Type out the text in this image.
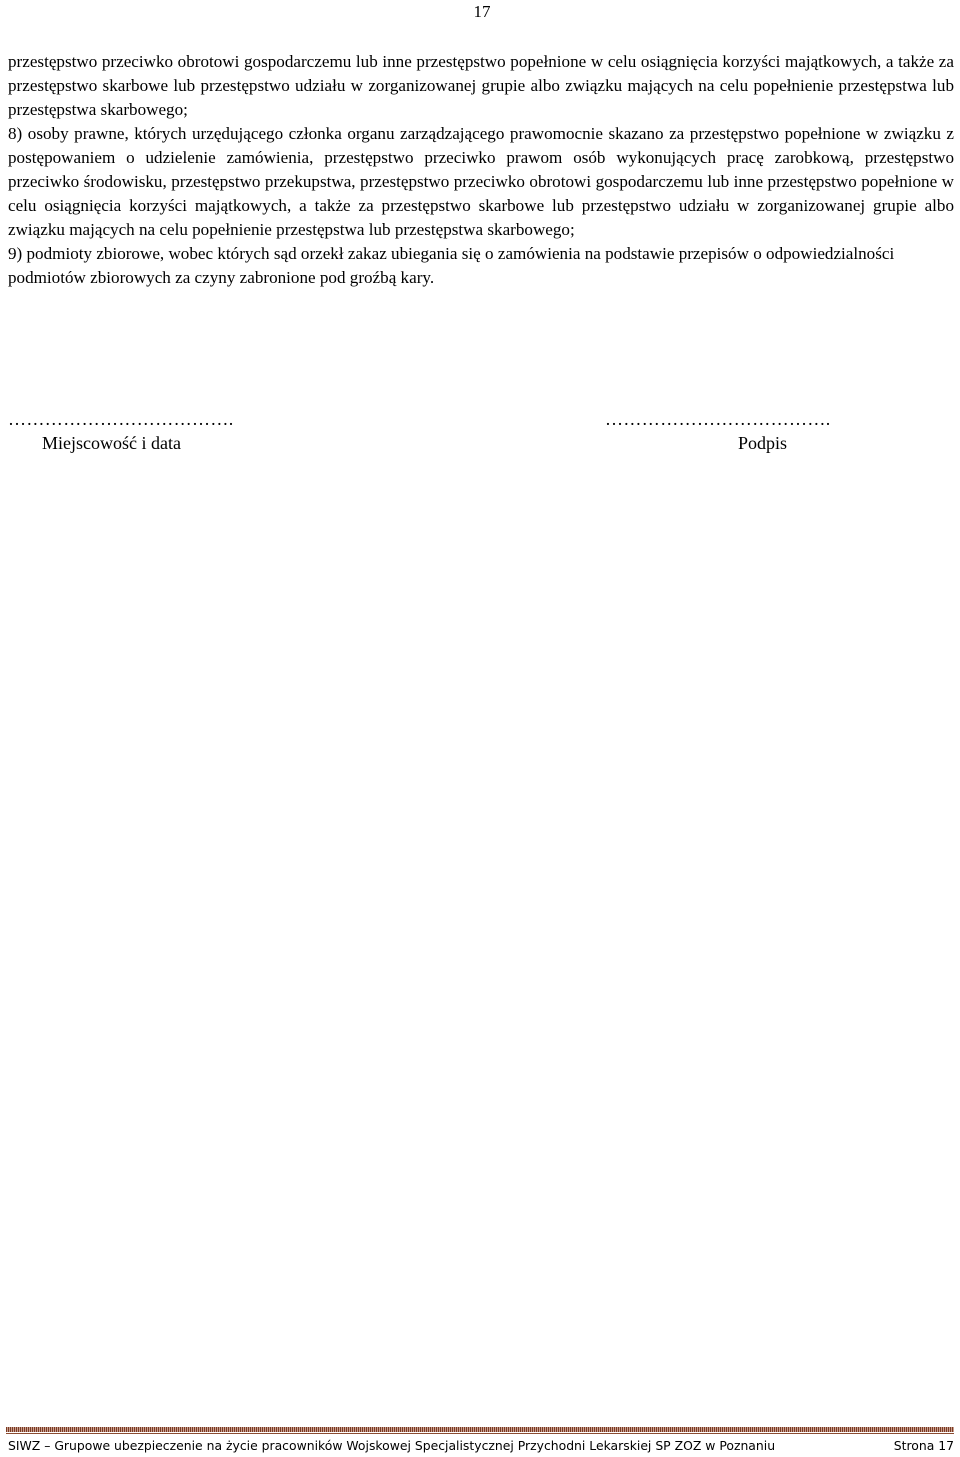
17

przestępstwo przeciwko obrotowi gospodarczemu lub inne przestępstwo popełnione w celu osiągnięcia korzyści majątkowych, a także za przestępstwo skarbowe lub przestępstwo udziału w zorganizowanej grupie albo związku mających na celu popełnienie przestępstwa lub przestępstwa skarbowego;

8) osoby prawne, których urzędującego członka organu zarządzającego prawomocnie skazano za przestępstwo popełnione w związku z postępowaniem o udzielenie zamówienia, przestępstwo przeciwko prawom osób wykonujących pracę zarobkową, przestępstwo przeciwko środowisku, przestępstwo przekupstwa, przestępstwo przeciwko obrotowi gospodarczemu lub inne przestępstwo popełnione w celu osiągnięcia korzyści majątkowych, a także za przestępstwo skarbowe lub przestępstwo udziału w zorganizowanej grupie albo związku mających na celu popełnienie przestępstwa lub przestępstwa skarbowego;

9) podmioty zbiorowe, wobec których sąd orzekł zakaz ubiegania się o zamówienia na podstawie przepisów o odpowiedzialności podmiotów zbiorowych za czyny zabronione pod groźbą kary.

……………………………….
Miejscowość i data
……………………………….
Podpis
SIWZ – Grupowe ubezpieczenie na życie pracowników Wojskowej Specjalistycznej Przychodni Lekarskiej SP ZOZ w Poznaniu	Strona 17
